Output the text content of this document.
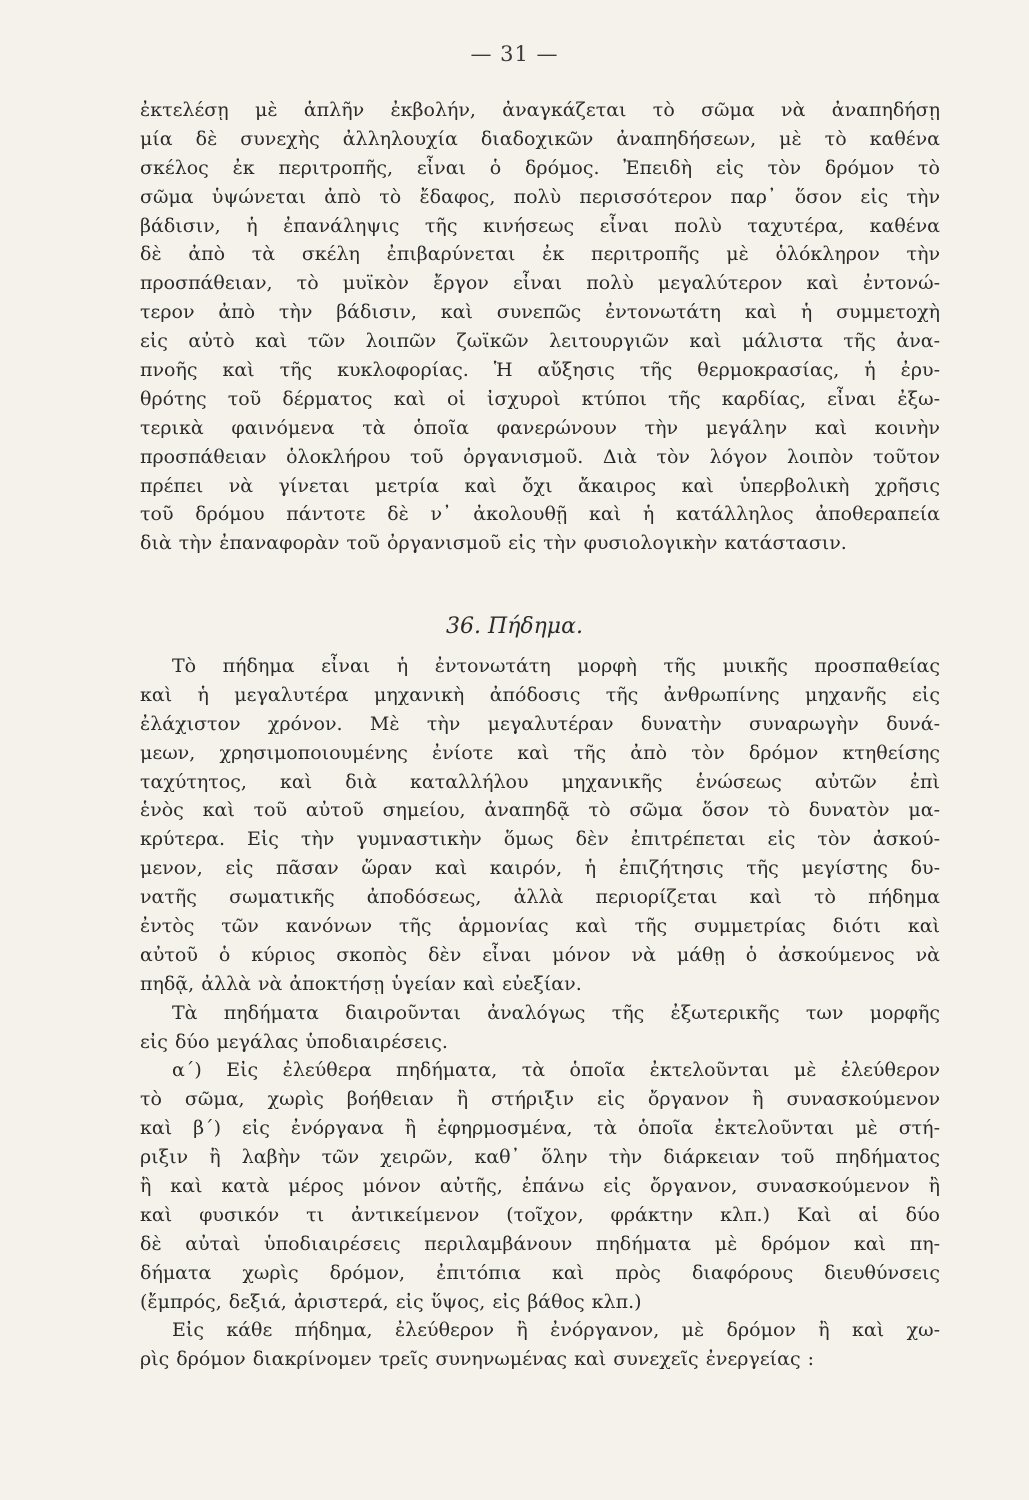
— 31 —
ἐκτελέσῃ μὲ ἁπλῆν ἐκβολήν, ἀναγκάζεται τὸ σῶμα νὰ ἀναπηδήσῃ
μία δὲ συνεχὴς ἀλληλουχία διαδοχικῶν ἀναπηδήσεων, μὲ τὸ καθένα
σκέλος ἐκ περιτροπῆς, εἶναι ὁ δρόμος. Ἐπειδὴ εἰς τὸν δρόμον τὸ
σῶμα ὑψώνεται ἀπὸ τὸ ἔδαφος, πολὺ περισσότερον παρ᾽ ὅσον εἰς τὴν
βάδισιν, ἡ ἐπανάληψις τῆς κινήσεως εἶναι πολὺ ταχυτέρα, καθένα
δὲ ἀπὸ τὰ σκέλη ἐπιβαρύνεται ἐκ περιτροπῆς μὲ ὁλόκληρον τὴν
προσπάθειαν, τὸ μυϊκὸν ἔργον εἶναι πολὺ μεγαλύτερον καὶ ἐντονώ-
τερον ἀπὸ τὴν βάδισιν, καὶ συνεπῶς ἐντονωτάτη καὶ ἡ συμμετοχὴ
εἰς αὐτὸ καὶ τῶν λοιπῶν ζωϊκῶν λειτουργιῶν καὶ μάλιστα τῆς ἀνα-
πνοῆς καὶ τῆς κυκλοφορίας. Ἡ αὔξησις τῆς θερμοκρασίας, ἡ ἐρυ-
θρότης τοῦ δέρματος καὶ οἱ ἰσχυροὶ κτύποι τῆς καρδίας, εἶναι ἐξω-
τερικὰ φαινόμενα τὰ ὁποῖα φανερώνουν τὴν μεγάλην καὶ κοινὴν
προσπάθειαν ὁλοκλήρου τοῦ ὀργανισμοῦ. Διὰ τὸν λόγον λοιπὸν τοῦτον
πρέπει νὰ γίνεται μετρία καὶ ὄχι ἄκαιρος καὶ ὑπερβολικὴ χρῆσις
τοῦ δρόμου πάντοτε δὲ ν᾽ ἀκολουθῇ καὶ ἡ κατάλληλος ἀποθεραπεία
διὰ τὴν ἐπαναφορὰν τοῦ ὀργανισμοῦ εἰς τὴν φυσιολογικὴν κατάστασιν.
36. Πήδημα.
Τὸ πήδημα εἶναι ἡ ἐντονωτάτη μορφὴ τῆς μυικῆς προσπαθείας
καὶ ἡ μεγαλυτέρα μηχανικὴ ἀπόδοσις τῆς ἀνθρωπίνης μηχανῆς εἰς
ἐλάχιστον χρόνον. Μὲ τὴν μεγαλυτέραν δυνατὴν συναρωγὴν δυνά-
μεων, χρησιμοποιουμένης ἐνίοτε καὶ τῆς ἀπὸ τὸν δρόμον κτηθείσης
ταχύτητος, καὶ διὰ καταλλήλου μηχανικῆς ἑνώσεως αὐτῶν ἐπὶ
ἑνὸς καὶ τοῦ αὐτοῦ σημείου, ἀναπηδᾷ τὸ σῶμα ὅσον τὸ δυνατὸν μα-
κρύτερα. Εἰς τὴν γυμναστικὴν ὅμως δὲν ἐπιτρέπεται εἰς τὸν ἀσκού-
μενον, εἰς πᾶσαν ὥραν καὶ καιρόν, ἡ ἐπιζήτησις τῆς μεγίστης δυ-
νατῆς σωματικῆς ἀποδόσεως, ἀλλὰ περιορίζεται καὶ τὸ πήδημα
ἐντὸς τῶν κανόνων τῆς ἁρμονίας καὶ τῆς συμμετρίας διότι καὶ
αὐτοῦ ὁ κύριος σκοπὸς δὲν εἶναι μόνον νὰ μάθῃ ὁ ἀσκούμενος νὰ
πηδᾷ, ἀλλὰ νὰ ἀποκτήσῃ ὑγείαν καὶ εὐεξίαν.
Τὰ πηδήματα διαιροῦνται ἀναλόγως τῆς ἐξωτερικῆς των μορφῆς
εἰς δύο μεγάλας ὑποδιαιρέσεις.
α΄) Εἰς ἐλεύθερα πηδήματα, τὰ ὁποῖα ἐκτελοῦνται μὲ ἐλεύθερον
τὸ σῶμα, χωρὶς βοήθειαν ἢ στήριξιν εἰς ὄργανον ἢ συνασκούμενον
καὶ β΄) εἰς ἐνόργανα ἢ ἐφηρμοσμένα, τὰ ὁποῖα ἐκτελοῦνται μὲ στή-
ριξιν ἢ λαβὴν τῶν χειρῶν, καθ᾽ ὅλην τὴν διάρκειαν τοῦ πηδήματος
ἢ καὶ κατὰ μέρος μόνον αὐτῆς, ἐπάνω εἰς ὄργανον, συνασκούμενον ἢ
καὶ φυσικόν τι ἀντικείμενον (τοῖχον, φράκτην κλπ.) Καὶ αἱ δύο
δὲ αὐταὶ ὑποδιαιρέσεις περιλαμβάνουν πηδήματα μὲ δρόμον καὶ πη-
δήματα χωρὶς δρόμον, ἐπιτόπια καὶ πρὸς διαφόρους διευθύνσεις
(ἔμπρός, δεξιά, ἀριστερά, εἰς ὕψος, εἰς βάθος κλπ.)
Εἰς κάθε πήδημα, ἐλεύθερον ἢ ἐνόργανον, μὲ δρόμον ἢ καὶ χω-
ρὶς δρόμον διακρίνομεν τρεῖς συνηνωμένας καὶ συνεχεῖς ἐνεργείας :
